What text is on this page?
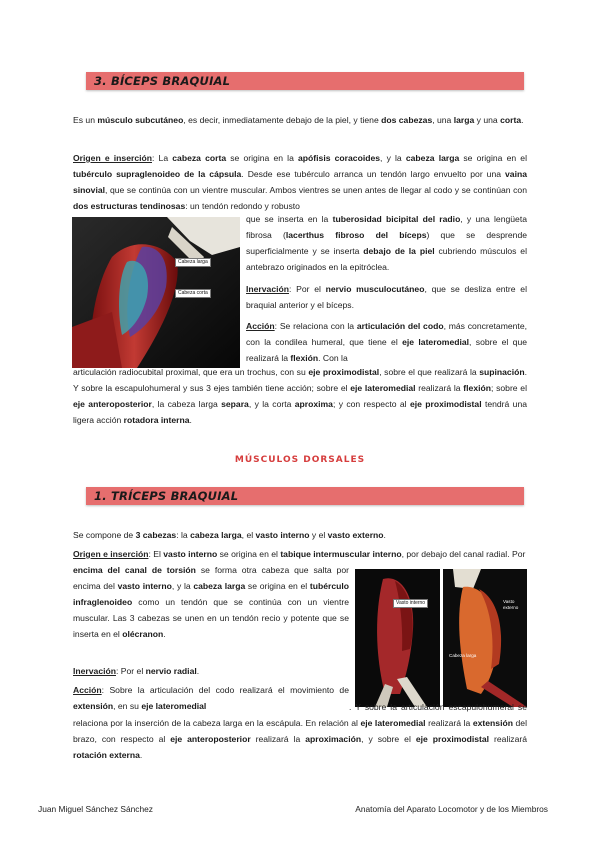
3. BÍCEPS BRAQUIAL

Es un músculo subcutáneo, es decir, inmediatamente debajo de la piel, y tiene dos cabezas, una larga y una corta.

Origen e inserción: La cabeza corta se origina en la apófisis coracoides, y la cabeza larga se origina en el tubérculo supraglenoideo de la cápsula. Desde ese tubérculo arranca un tendón largo envuelto por una vaina sinovial, que se continúa con un vientre muscular. Ambos vientres se unen antes de llegar al codo y se continúan con dos estructuras tendinosas: un tendón redondo y robusto

Cabeza larga
Cabeza corta

que se inserta en la tuberosidad bicipital del radio, y una lengüeta fibrosa (lacerthus fibroso del bíceps) que se desprende superficialmente y se inserta debajo de la piel cubriendo músculos el antebrazo originados en la epitróclea.

Inervación: Por el nervio musculocutáneo, que se desliza entre el braquial anterior y el bíceps.

Acción: Se relaciona con la articulación del codo, más concretamente, con la condilea humeral, que tiene el eje lateromedial, sobre el que realizará la flexión. Con la

articulación radiocubital proximal, que era un trochus, con su eje proximodistal, sobre el que realizará la supinación. Y sobre la escapulohumeral y sus 3 ejes también tiene acción; sobre el eje lateromedial realizará la flexión; sobre el eje anteroposterior, la cabeza larga separa, y la corta aproxima; y con respecto al eje proximodistal tendrá una ligera acción rotadora interna.

MÚSCULOS DORSALES
1. TRÍCEPS BRAQUIAL

Se compone de 3 cabezas: la cabeza larga, el vasto interno y el vasto externo.

Origen e inserción: El vasto interno se origina en el tabique intermuscular interno, por debajo del canal radial. Por

encima del canal de torsión se forma otra cabeza que salta por encima del vasto interno, y la cabeza larga se origina en el tubérculo infraglenoideo como un tendón que se continúa con un vientre muscular. Las 3 cabezas se unen en un tendón recio y potente que se inserta en el olécranon.

Vasto interno	Vasto externo
Cabeza larga

Inervación: Por el nervio radial.

Acción: Sobre la articulación del codo realizará el movimiento de extensión, en su eje lateromedial	. Y sobre la articulación escapulohumeral se relaciona por la inserción de la cabeza larga en la escápula. En relación al eje lateromedial realizará la extensión del brazo, con respecto al eje anteroposterior realizará la aproximación, y sobre el eje proximodistal realizará rotación externa.

Juan Miguel Sánchez Sánchez	Anatomía del Aparato Locomotor y de los Miembros
